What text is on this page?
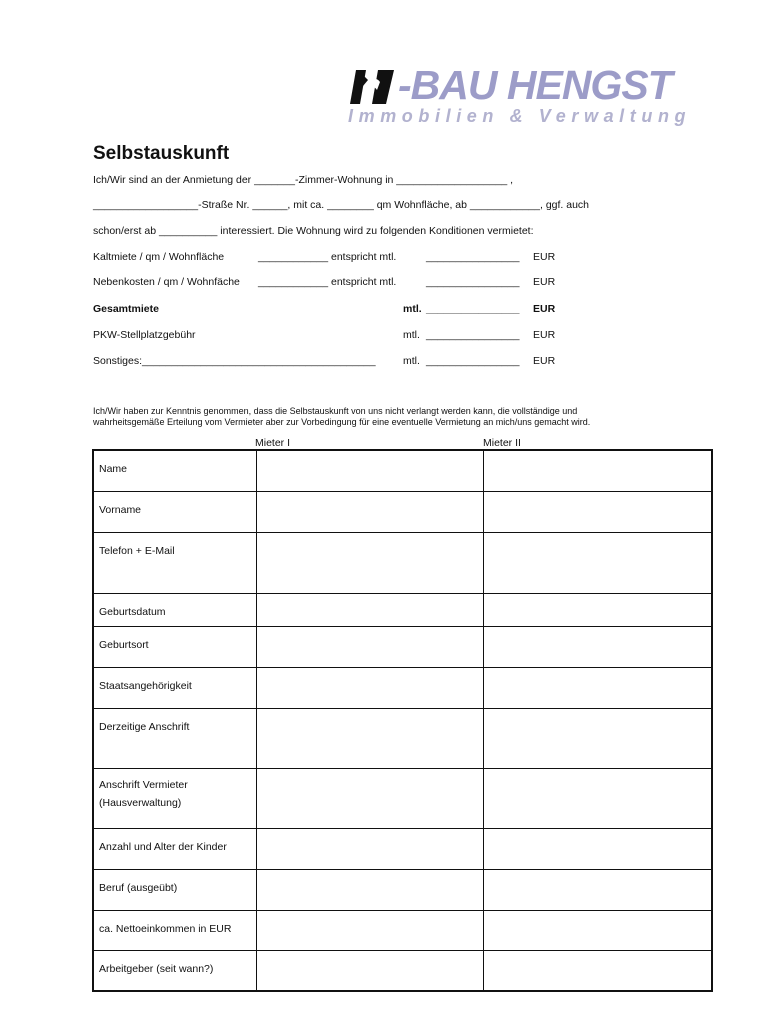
-BAU HENGST
Immobilien & Verwaltung
Selbstauskunft
Ich/Wir sind an der Anmietung der _______-Zimmer-Wohnung in ___________________ ,
__________________-Straße Nr. ______, mit ca. ________ qm Wohnfläche, ab ____________, ggf. auch
schon/erst ab __________ interessiert. Die Wohnung wird zu folgenden Konditionen vermietet:
Kaltmiete / qm / Wohnfläche	____________ entspricht mtl.	________________ EUR
Nebenkosten / qm / Wohnfäche ____________ entspricht mtl.	________________ EUR
Gesamtmiete	mtl. ________________ EUR
PKW-Stellplatzgebühr	mtl. ________________ EUR
Sonstiges:________________________________________	mtl. ________________ EUR
Ich/Wir haben zur Kenntnis genommen, dass die Selbstauskunft von uns nicht verlangt werden kann, die vollständige und
wahrheitsgemäße Erteilung vom Vermieter aber zur Vorbedingung für eine eventuelle Vermietung an mich/uns gemacht wird.
Mieter I	Mieter II
Name		
Vorname		
Telefon + E-Mail		
Geburtsdatum		
Geburtsort		
Staatsangehörigkeit		
Derzeitige Anschrift		

Anschrift Vermieter
(Hausverwaltung)		

Anzahl und Alter der Kinder		
Beruf (ausgeübt)		
ca. Nettoeinkommen in EUR		
Arbeitgeber (seit wann?)		
